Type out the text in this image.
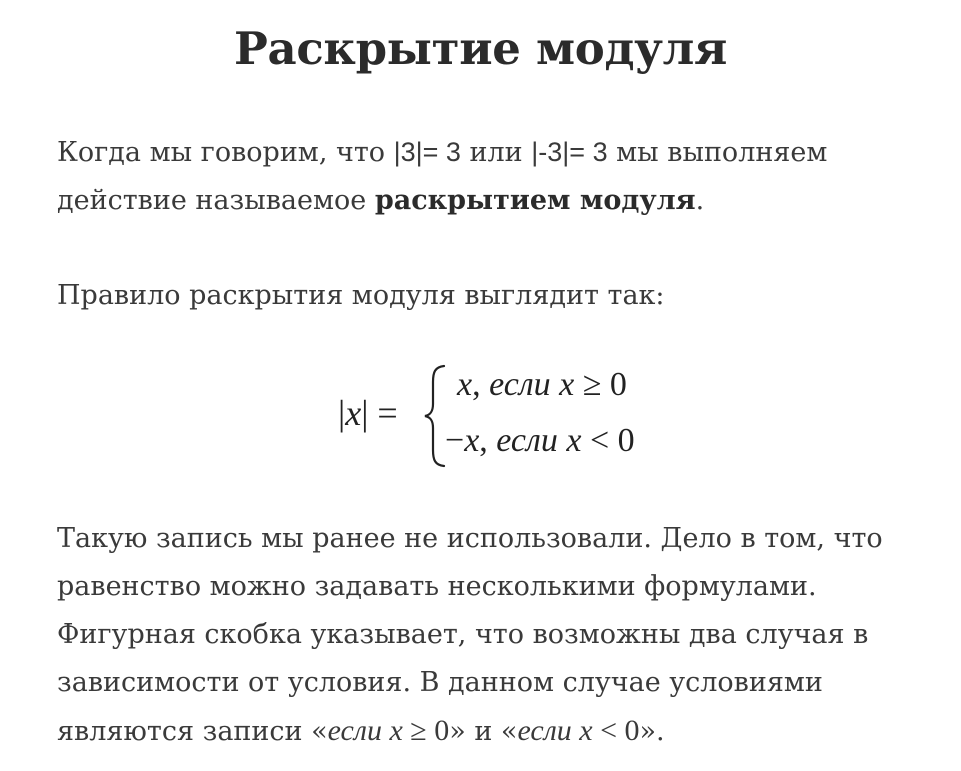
Раскрытие модуля

Когда мы говорим, что |3|= 3 или |-3|= 3 мы выполняем действие называемое раскрытием модуля.

Правило раскрытия модуля выглядит так:

|x| =
x, если x ≥ 0
−x, если x < 0

Такую запись мы ранее не использовали. Дело в том, что равенство можно задавать несколькими формулами. Фигурная скобка указывает, что возможны два случая в зависимости от условия. В данном случае условиями являются записи «если x ≥ 0» и «если x < 0».
